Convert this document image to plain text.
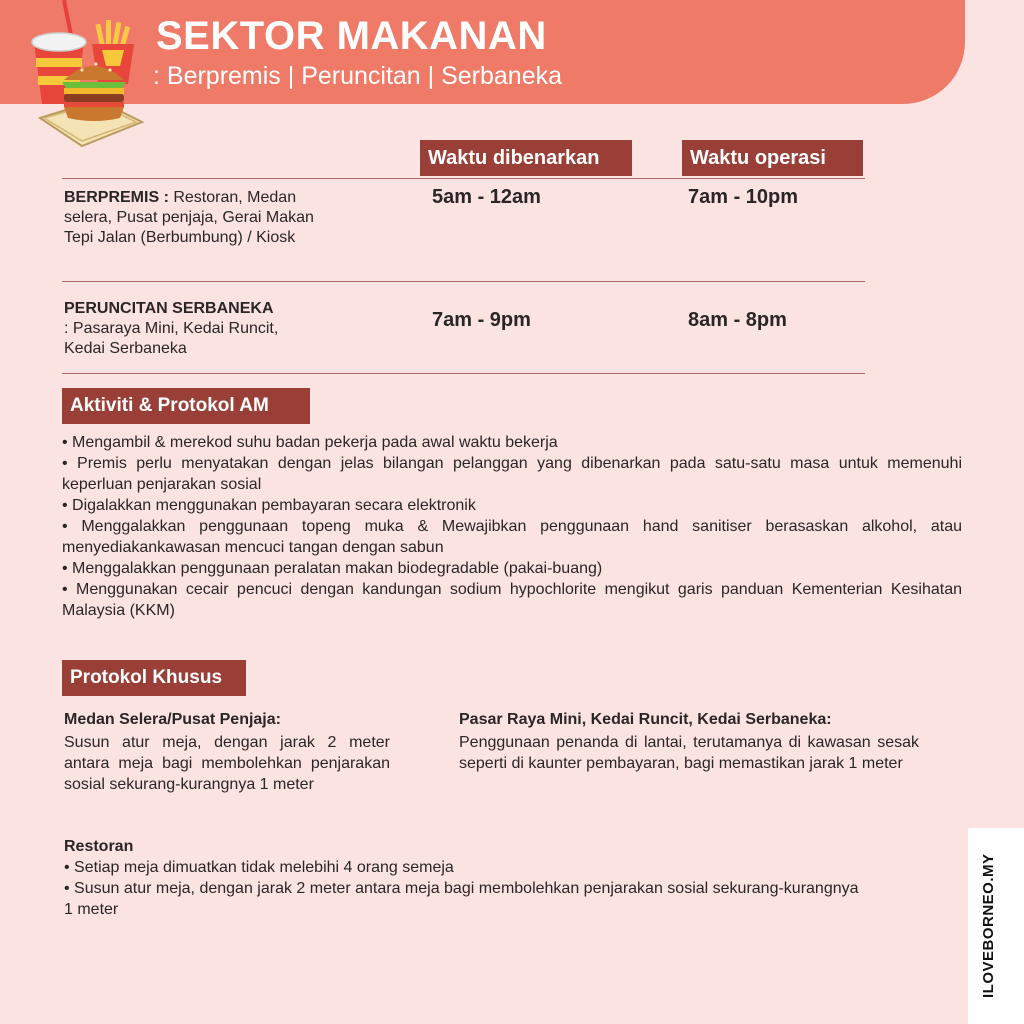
SEKTOR MAKANAN
: Berpremis | Peruncitan | Serbaneka
Waktu dibenarkan	Waktu operasi
BERPREMIS : Restoran, Medan selera, Pusat penjaja, Gerai Makan Tepi Jalan (Berbumbung) / Kiosk
5am - 12am	7am - 10pm
PERUNCITAN SERBANEKA
: Pasaraya Mini, Kedai Runcit, Kedai Serbaneka
7am - 9pm	8am - 8pm
Aktiviti & Protokol AM

• Mengambil & merekod suhu badan pekerja pada awal waktu bekerja

• Premis perlu menyatakan dengan jelas bilangan pelanggan yang dibenarkan pada satu-satu masa untuk memenuhi keperluan penjarakan sosial

• Digalakkan menggunakan pembayaran secara elektronik

• Menggalakkan penggunaan topeng muka & Mewajibkan penggunaan hand sanitiser berasaskan alkohol, atau menyediakankawasan mencuci tangan dengan sabun

• Menggalakkan penggunaan peralatan makan biodegradable (pakai-buang)

• Menggunakan cecair pencuci dengan kandungan sodium hypochlorite mengikut garis panduan Kementerian Kesihatan Malaysia (KKM)

Protokol Khusus
Medan Selera/Pusat Penjaja:

Susun atur meja, dengan jarak 2 meter antara meja bagi membolehkan penjarakan sosial sekurang-kurangnya 1 meter

Pasar Raya Mini, Kedai Runcit, Kedai Serbaneka:

Penggunaan penanda di lantai, terutamanya di kawasan sesak seperti di kaunter pembayaran, bagi memastikan jarak 1 meter

Restoran

• Setiap meja dimuatkan tidak melebihi 4 orang semeja

• Susun atur meja, dengan jarak 2 meter antara meja bagi membolehkan penjarakan sosial sekurang-kurangnya 1 meter	ILOVEBORNEO.MY
